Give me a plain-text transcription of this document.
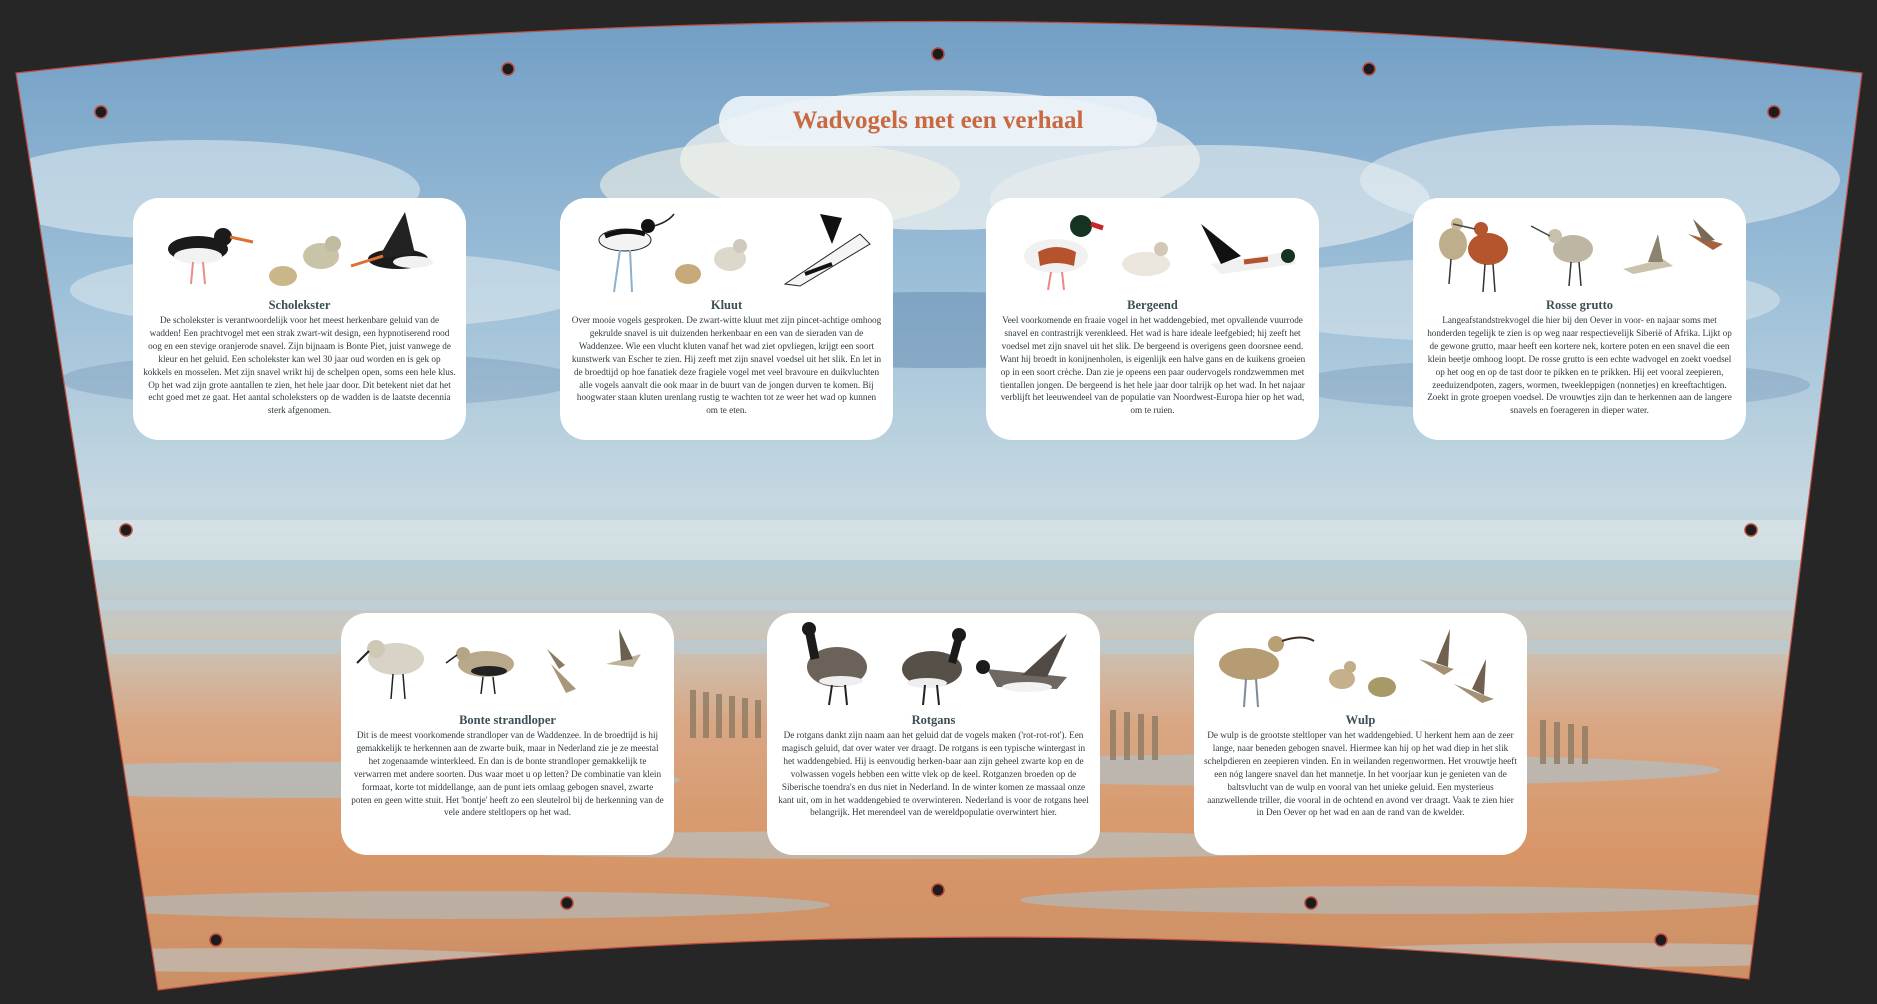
Wadvogels met een verhaal
Scholekster

De scholekster is verantwoordelijk voor het meest herkenbare geluid van de wadden! Een prachtvogel met een strak zwart-wit design, een hypnotiserend rood oog en een stevige oranjerode snavel. Zijn bijnaam is Bonte Piet, juist vanwege de kleur en het geluid. Een scholekster kan wel 30 jaar oud worden en is gek op kokkels en mosselen. Met zijn snavel wrikt hij de schelpen open, soms een hele klus. Op het wad zijn grote aantallen te zien, het hele jaar door. Dit betekent niet dat het echt goed met ze gaat. Het aantal scholeksters op de wadden is de laatste decennia sterk afgenomen.

Kluut

Over mooie vogels gesproken. De zwart-witte kluut met zijn pincet-achtige omhoog gekrulde snavel is uit duizenden herkenbaar en een van de sieraden van de Waddenzee. Wie een vlucht kluten vanaf het wad ziet opvliegen, krijgt een soort kunstwerk van Escher te zien. Hij zeeft met zijn snavel voedsel uit het slik. En let in de broedtijd op hoe fanatiek deze fragiele vogel met veel bravoure en duikvluchten alle vogels aanvalt die ook maar in de buurt van de jongen durven te komen. Bij hoogwater staan kluten urenlang rustig te wachten tot ze weer het wad op kunnen om te eten.

Bergeend

Veel voorkomende en fraaie vogel in het waddengebied, met opvallende vuurrode snavel en contrastrijk verenkleed. Het wad is hare ideale leefgebied; hij zeeft het voedsel met zijn snavel uit het slik. De bergeend is overigens geen doorsnee eend. Want hij broedt in konijnenholen, is eigenlijk een halve gans en de kuikens groeien op in een soort crèche. Dan zie je opeens een paar oudervogels rondzwemmen met tientallen jongen. De bergeend is het hele jaar door talrijk op het wad. In het najaar verblijft het leeuwendeel van de populatie van Noordwest-Europa hier op het wad, om te ruien.

Rosse grutto

Langeafstandstrekvogel die hier bij den Oever in voor- en najaar soms met honderden tegelijk te zien is op weg naar respectievelijk Siberië of Afrika. Lijkt op de gewone grutto, maar heeft een kortere nek, kortere poten en een snavel die een klein beetje omhoog loopt. De rosse grutto is een echte wadvogel en zoekt voedsel op het oog en op de tast door te pikken en te prikken. Hij eet vooral zeepieren, zeeduizendpoten, zagers, wormen, tweekleppigen (nonnetjes) en kreeftachtigen. Zoekt in grote groepen voedsel. De vrouwtjes zijn dan te herkennen aan de langere snavels en foerageren in dieper water.

Bonte strandloper

Dit is de meest voorkomende strandloper van de Waddenzee. In de broedtijd is hij gemakkelijk te herkennen aan de zwarte buik, maar in Nederland zie je ze meestal het zogenaamde winterkleed. En dan is de bonte strandloper gemakkelijk te verwarren met andere soorten. Dus waar moet u op letten? De combinatie van klein formaat, korte tot middellange, aan de punt iets omlaag gebogen snavel, zwarte poten en geen witte stuit. Het 'bontje' heeft zo een sleutelrol bij de herkenning van de vele andere steltlopers op het wad.

Rotgans

De rotgans dankt zijn naam aan het geluid dat de vogels maken ('rot-rot-rot'). Een magisch geluid, dat over water ver draagt. De rotgans is een typische wintergast in het waddengebied. Hij is eenvoudig herken-baar aan zijn geheel zwarte kop en de volwassen vogels hebben een witte vlek op de keel. Rotganzen broeden op de Siberische toendra's en dus niet in Nederland. In de winter komen ze massaal onze kant uit, om in het waddengebied te overwinteren. Nederland is voor de rotgans heel belangrijk. Het merendeel van de wereldpopulatie overwintert hier.

Wulp

De wulp is de grootste steltloper van het waddengebied. U herkent hem aan de zeer lange, naar beneden gebogen snavel. Hiermee kan hij op het wad diep in het slik schelpdieren en zeepieren vinden. En in weilanden regenwormen. Het vrouwtje heeft een nóg langere snavel dan het mannetje. In het voorjaar kun je genieten van de baltsvlucht van de wulp en vooral van het unieke geluid. Een mysterieus aanzwellende triller, die vooral in de ochtend en avond ver draagt. Vaak te zien hier in Den Oever op het wad en aan de rand van de kwelder.
